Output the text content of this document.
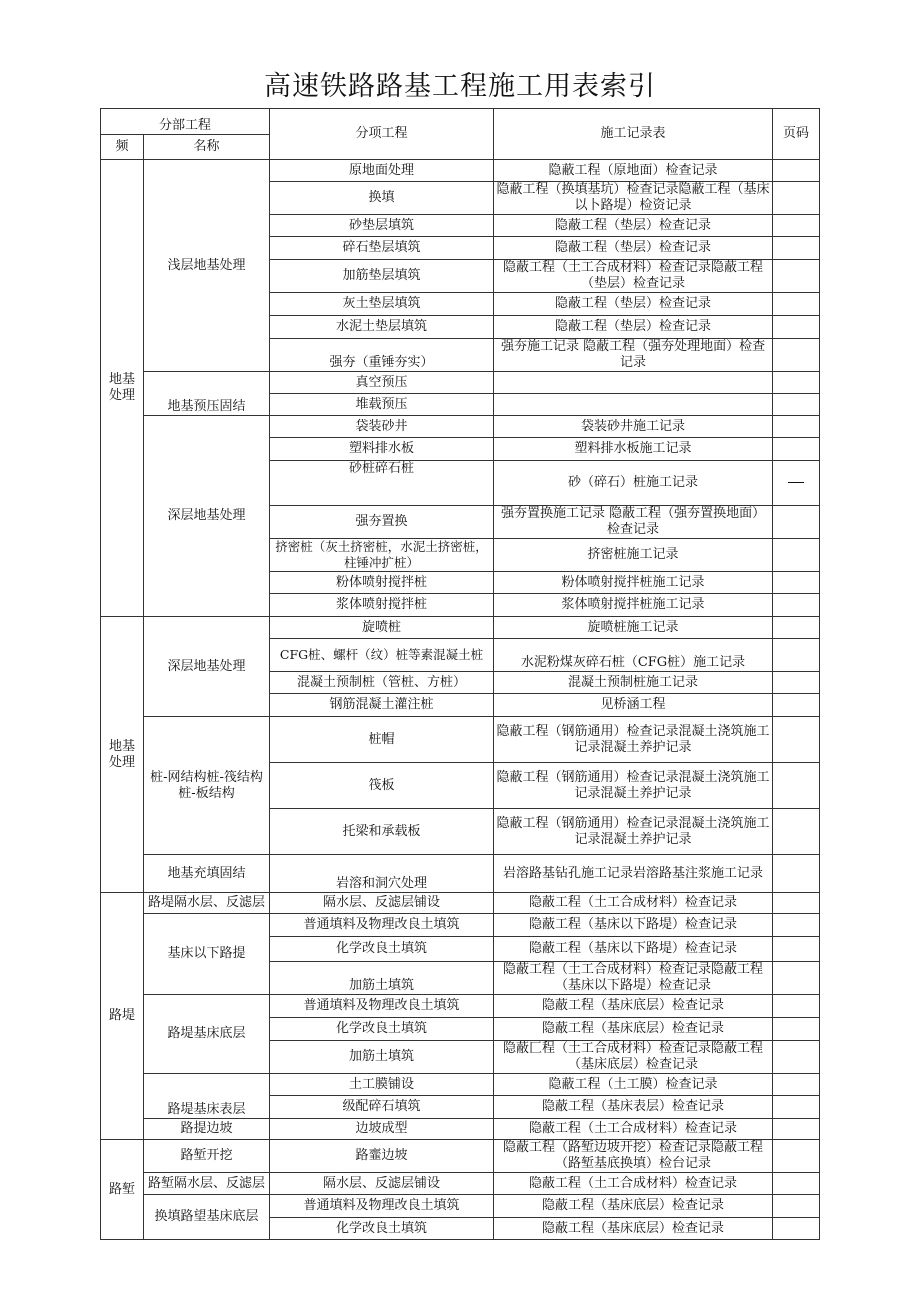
高速铁路路基工程施工用表索引
分部工程		分项工程	施工记录表	页码
频	名称			
地基处理	浅层地基处理	原地面处理	隐蔽工程（原地面）检查记录	
		换填	隐蔽工程（换填基坑）检查记录隐蔽工程（基床以卜路堤）检资记录	
		砂垫层填筑	隐蔽工程（垫层）检查记录	
		碎石垫层填筑	隐蔽工程（垫层）检查记录	
		加筋垫层填筑	隐蔽工程（土工合成材料）检查记录隐蔽工程（垫层）检查记录	
		灰土垫层填筑	隐蔽工程（垫层）检查记录	
		水泥土垫层填筑	隐蔽工程（垫层）检查记录	
		强夯（重锤夯实）	强夯施工记录 隐蔽工程（强夯处理地面）检查记录	
	地基预压固结	真空预压		
		堆载预压		
	深层地基处理	袋装砂井	袋装砂井施工记录	
		塑料排水板	塑料排水板施工记录	
		砂桩碎石桩	砂（碎石）桩施工记录	
		强夯置换	强夯置换施工记录 隐蔽工程（强夯置换地面）检查记录	
		挤密桩（灰土挤密桩，水泥土挤密桩，柱锤冲扩桩）	挤密桩施工记录	
		粉体喷射搅拌桩	粉体喷射搅拌桩施工记录	
		浆体喷射搅拌桩	浆体喷射搅拌桩施工记录	
地基处理	深层地基处理	旋喷桩	旋喷桩施工记录	
		CFG桩、螺杆（纹）桩等素混凝土桩	水泥粉煤灰碎石桩（CFG桩）施工记录	
		混凝土预制桩（管桩、方桩）	混凝土预制桩施工记录	
		钢筋混凝土灌注桩	见桥涵工程	
	桩-网结构桩-筏结构桩-板结构	桩帽	隐蔽工程（钢筋通用）检查记录混凝土浇筑施工记录混凝土养护记录	
		筏板	隐蔽工程（钢筋通用）检查记录混凝土浇筑施工记录混凝土养护记录	
		托梁和承载板	隐蔽工程（钢筋通用）检查记录混凝土浇筑施工记录混凝土养护记录	
	地基充填固结	岩溶和洞穴处理	岩溶路基钻孔施工记录岩溶路基注浆施工记录	
路堤	路堤隔水层、反滤层	隔水层、反滤层铺设	隐蔽工程（土工合成材料）检查记录	
	基床以下路提	普通填料及物理改良土填筑	隐蔽工程（基床以下路堤）检查记录	
		化学改良土填筑	隐蔽工程（基床以下路堤）检查记录	
		加筋土填筑	隐蔽工程（土工合成材料）检查记录隐蔽工程（基床以下路堤）检查记录	
	路堤基床底层	普通填料及物理改良土填筑	隐蔽工程（基床底层）检查记录	
		化学改良土填筑	隐蔽工程（基床底层）检查记录	
		加筋土填筑	隐蔽匚程（土工合成材料）检查记录隐蔽工程（基床底层）检查记录	
	路堤基床表层	土工膜铺设	隐蔽工程（土工膜）检查记录	
		级配碎石填筑	隐蔽工程（基床表层）检查记录	
	路提边坡	边坡成型	隐蔽工程（土工合成材料）检查记录	
路堑	路堑开挖	路韲边坡	隐蔽工程（路堑边坡开挖）检查记录隐蔽工程（路堑基底换填）检台记录	
	路堑隔水层、反滤层	隔水层、反滤层铺设	隐蔽工程（土工合成材料）检查记录	
	换填路望基床底层	普通填料及物理改良土填筑	隐蔽工程（基床底层）检查记录	
		化学改良土填筑	隐蔽工程（基床底层）检查记录	
